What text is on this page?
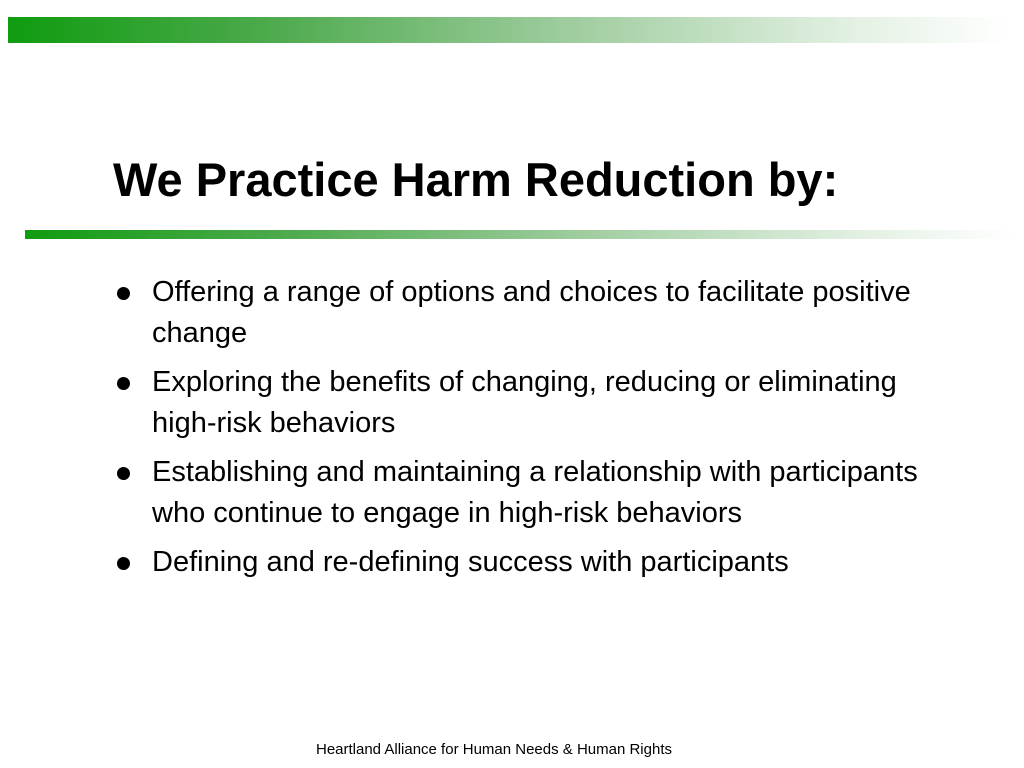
We Practice Harm Reduction by:
Offering a range of options and choices to facilitate positive change
Exploring the benefits of changing, reducing or eliminating high-risk behaviors
Establishing and maintaining a relationship with participants who continue to engage in high-risk behaviors
Defining and re-defining success with participants
Heartland Alliance for Human Needs & Human Rights
